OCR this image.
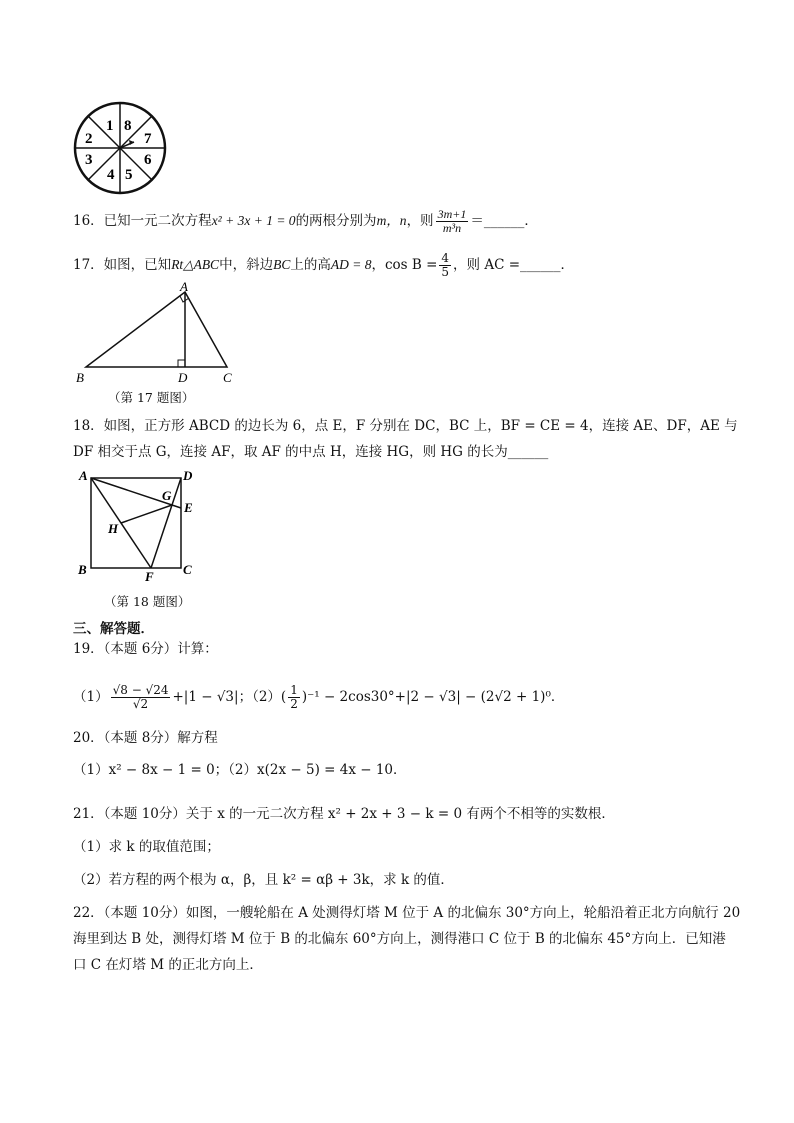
1 8
7
6
5
4
3
2
16．已知一元二次方程x² + 3x + 1 = 0的两根分别为m，n，则 $\frac{3m+1}{\text{m³n}}$ ＝______．
17．如图，已知Rt△ABC中，斜边BC上的高AD = 8，$\cos B = \frac{4}{5}$ ，则 AC =______．
A
B	D	C
（第 17 题图）
18．如图，正方形 ABCD 的边长为 6，点 E，F 分别在 DC，BC 上，BF = CE = 4，连接 AE、DF，AE 与
DF 相交于点 G，连接 AF，取 AF 的中点 H，连接 HG，则 HG 的长为______
A	D
G
E
H
B	F C
（第 18 题图）
三、解答题．
19．（本题 6分）计算：
$(1) \frac{√8 - √24}{√2} +|1 - √3|$；$(2)( \frac{1}{2} )^{-1} - 2\cos 30^\circ+|2 - √3| - (2√2 + 1)^0$．
20．（本题 8分）解方程
（1）x² − 8x − 1 = 0；（2）x(2x − 5) = 4x − 10．
21．（本题 10分）关于 x 的一元二次方程 x² + 2x + 3 − k = 0 有两个不相等的实数根．
（1）求 k 的取值范围；
（2）若方程的两个根为 α，β，且 k² = αβ + 3k，求 k 的值．
22．（本题 10分）如图，一艘轮船在 A 处测得灯塔 M 位于 A 的北偏东 30°方向上，轮船沿着正北方向航行 20
海里到达 B 处，测得灯塔 M 位于 B 的北偏东 60°方向上，测得港口 C 位于 B 的北偏东 45°方向上．已知港
口 C 在灯塔 M 的正北方向上．
